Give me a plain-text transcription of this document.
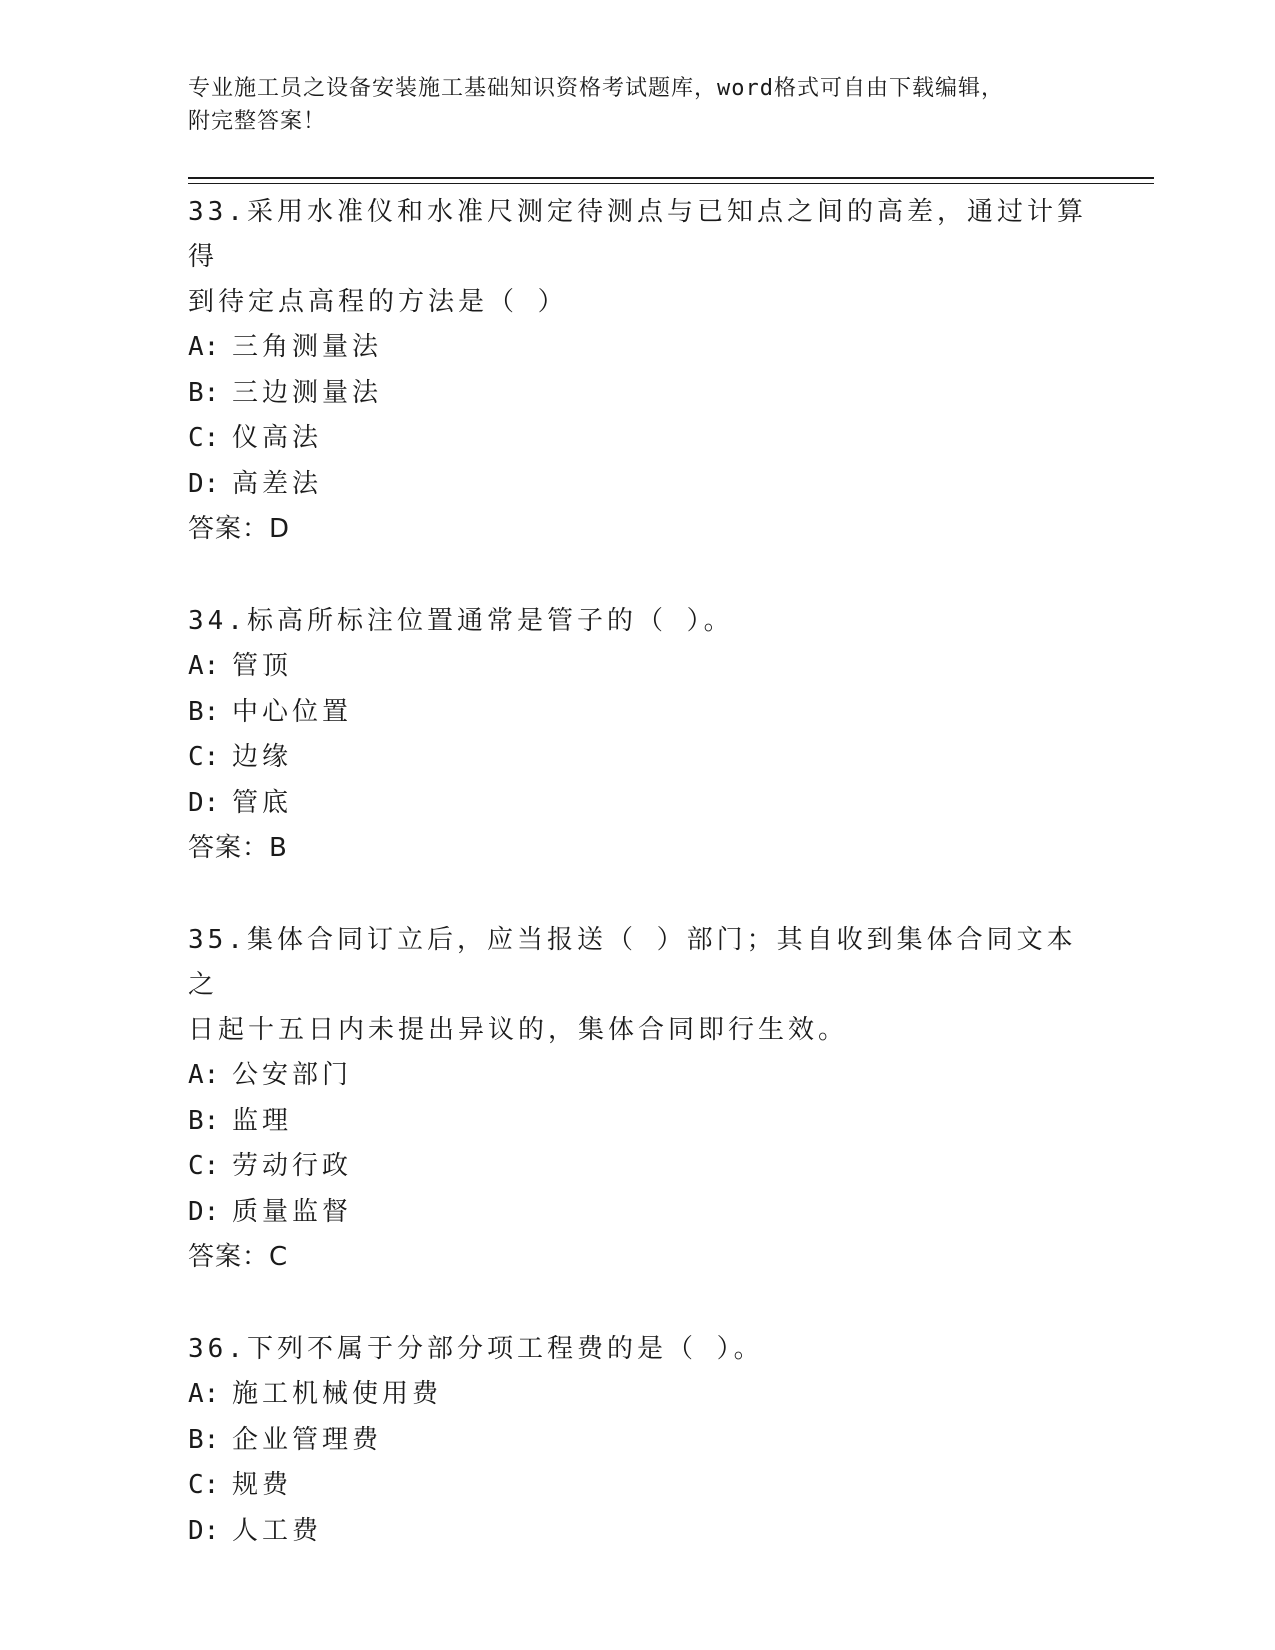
专业施工员之设备安装施工基础知识资格考试题库，word格式可自由下载编辑，
附完整答案！

33.采用水准仪和水准尺测定待测点与已知点之间的高差，通过计算得

到待定点高程的方法是（ ）

A: 三角测量法

B: 三边测量法

C: 仪高法

D: 高差法

答案：D

34.标高所标注位置通常是管子的（ ）。

A: 管顶

B: 中心位置

C: 边缘

D: 管底

答案：B

35.集体合同订立后，应当报送（ ）部门；其自收到集体合同文本之

日起十五日内未提出异议的，集体合同即行生效。

A: 公安部门

B: 监理

C: 劳动行政

D: 质量监督

答案：C

36.下列不属于分部分项工程费的是（ ）。

A: 施工机械使用费

B: 企业管理费

C: 规费

D: 人工费
